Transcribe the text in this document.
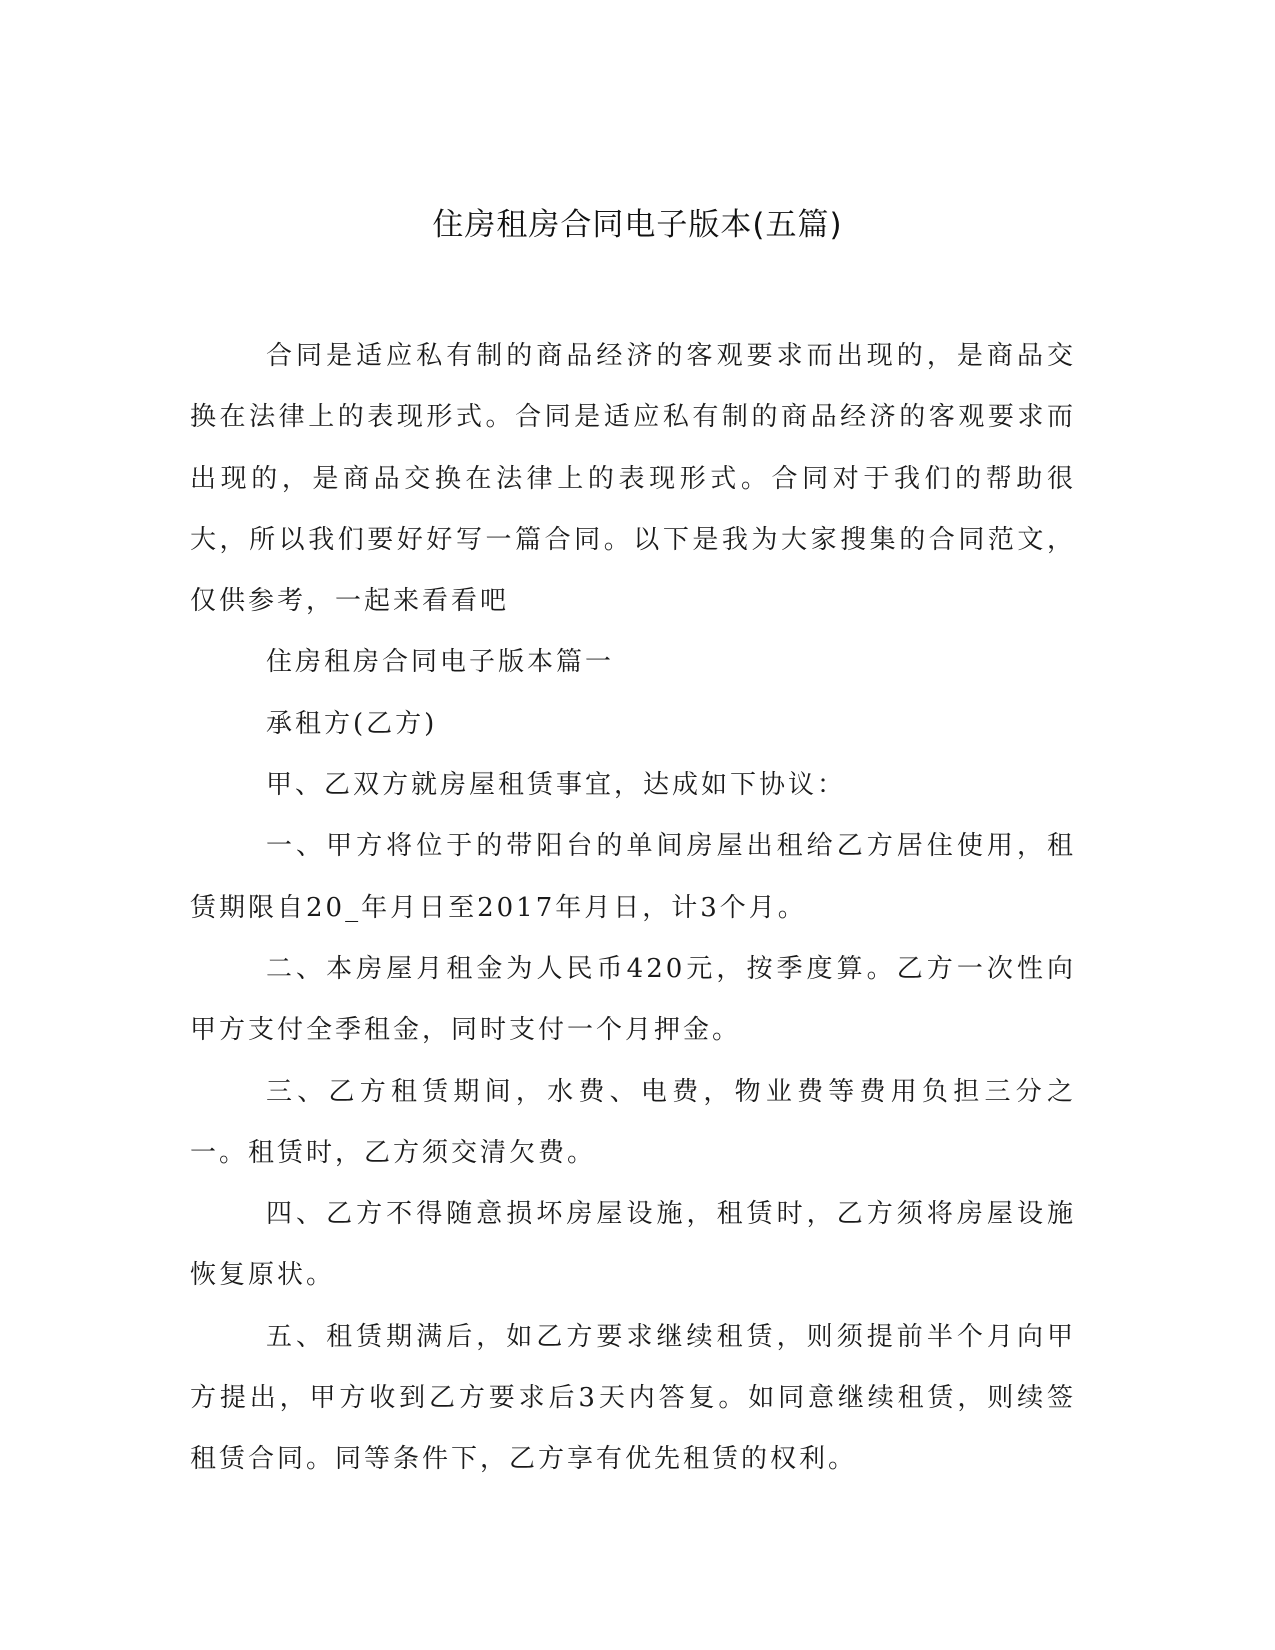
住房租房合同电子版本(五篇)

合同是适应私有制的商品经济的客观要求而出现的，是商品交换在法律上的表现形式。合同是适应私有制的商品经济的客观要求而出现的，是商品交换在法律上的表现形式。合同对于我们的帮助很大，所以我们要好好写一篇合同。以下是我为大家搜集的合同范文，仅供参考，一起来看看吧

住房租房合同电子版本篇一

承租方(乙方)

甲、乙双方就房屋租赁事宜，达成如下协议：

一、甲方将位于的带阳台的单间房屋出租给乙方居住使用，租赁期限自20_年月日至2017年月日，计3个月。

二、本房屋月租金为人民币420元，按季度算。乙方一次性向甲方支付全季租金，同时支付一个月押金。

三、乙方租赁期间，水费、电费，物业费等费用负担三分之一。租赁时，乙方须交清欠费。

四、乙方不得随意损坏房屋设施，租赁时，乙方须将房屋设施恢复原状。

五、租赁期满后，如乙方要求继续租赁，则须提前半个月向甲方提出，甲方收到乙方要求后3天内答复。如同意继续租赁，则续签租赁合同。同等条件下，乙方享有优先租赁的权利。
